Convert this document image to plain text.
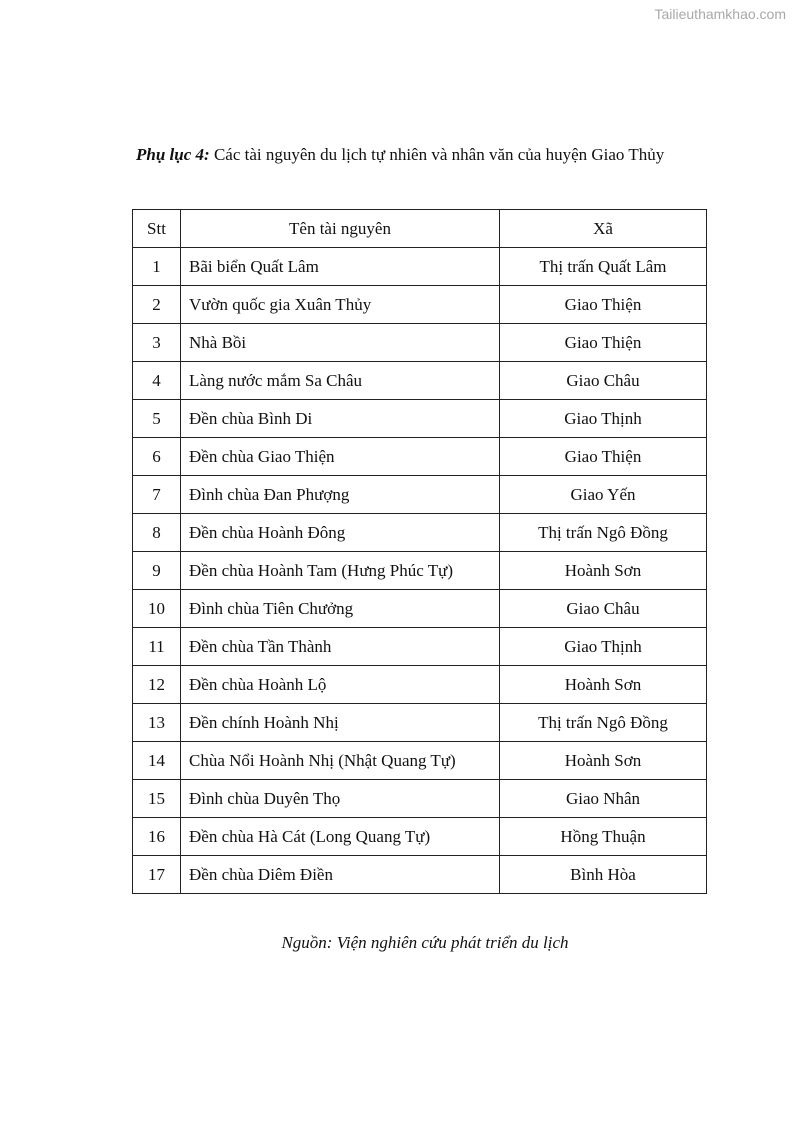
Tailieuthamkhao.com
Phụ lục 4: Các tài nguyên du lịch tự nhiên và nhân văn của huyện Giao Thủy
Stt	Tên tài nguyên	Xã
1	Bãi biển Quất Lâm	Thị trấn Quất Lâm
2	Vườn quốc gia Xuân Thủy	Giao Thiện
3	Nhà Bồi	Giao Thiện
4	Làng nước mắm Sa Châu	Giao Châu
5	Đền chùa Bình Di	Giao Thịnh
6	Đền chùa Giao Thiện	Giao Thiện
7	Đình chùa Đan Phượng	Giao Yến
8	Đền chùa Hoành Đông	Thị trấn Ngô Đồng
9	Đền chùa Hoành Tam (Hưng Phúc Tự)	Hoành Sơn
10	Đình chùa Tiên Chưởng	Giao Châu
11	Đền chùa Tần Thành	Giao Thịnh
12	Đền chùa Hoành Lộ	Hoành Sơn
13	Đền chính Hoành Nhị	Thị trấn Ngô Đồng
14	Chùa Nổi Hoành Nhị (Nhật Quang Tự)	Hoành Sơn
15	Đình chùa Duyên Thọ	Giao Nhân
16	Đền chùa Hà Cát (Long Quang Tự)	Hồng Thuận
17	Đền chùa Diêm Điền	Bình Hòa
Nguồn: Viện nghiên cứu phát triển du lịch
